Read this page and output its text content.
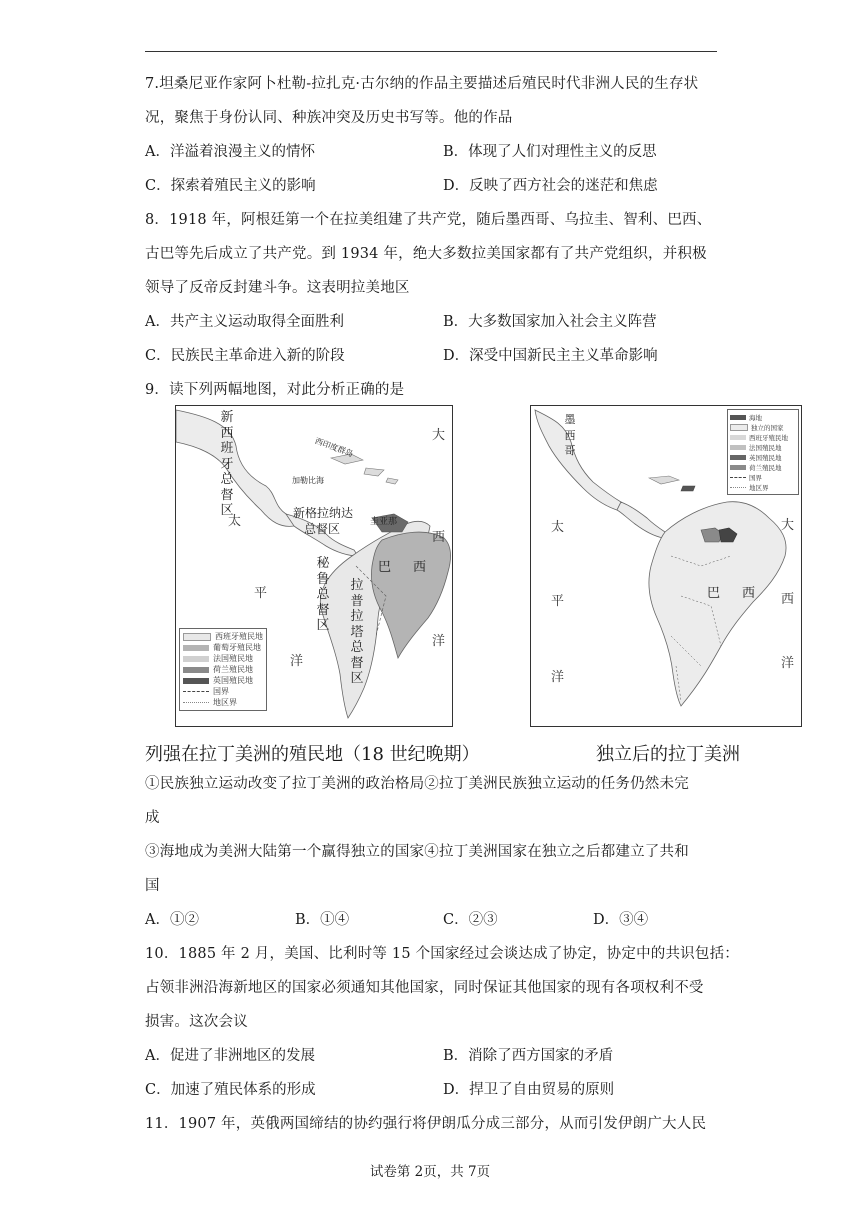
7.坦桑尼亚作家阿卜杜勒-拉扎克·古尔纳的作品主要描述后殖民时代非洲人民的生存状
况，聚焦于身份认同、种族冲突及历史书写等。他的作品
A．洋溢着浪漫主义的情怀	B．体现了人们对理性主义的反思
C．探索着殖民主义的影响	D．反映了西方社会的迷茫和焦虑
8．1918 年，阿根廷第一个在拉美组建了共产党，随后墨西哥、乌拉圭、智利、巴西、
古巴等先后成立了共产党。到 1934 年，绝大多数拉美国家都有了共产党组织，并积极
领导了反帝反封建斗争。这表明拉美地区
A．共产主义运动取得全面胜利	B．大多数国家加入社会主义阵营
C．民族民主革命进入新的阶段	D．深受中国新民主主义革命影响
9．读下列两幅地图，对此分析正确的是
新西班牙总督区
西印度群岛
加勒比海
新格拉纳达
总督区	圭亚那
秘鲁总督区
拉普拉塔总督区
巴西
太
平
洋
大
西
洋
西班牙殖民地
葡萄牙殖民地
法国殖民地
荷兰殖民地
英国殖民地
国界
地区界
海地
独立的国家
西班牙殖民地
法国殖民地
英国殖民地
荷兰殖民地
国界
地区界
墨西哥
巴西
太
平
洋
大
西
洋
列强在拉丁美洲的殖民地（18 世纪晚期）	独立后的拉丁美洲
①民族独立运动改变了拉丁美洲的政治格局②拉丁美洲民族独立运动的任务仍然未完
成
③海地成为美洲大陆第一个赢得独立的国家④拉丁美洲国家在独立之后都建立了共和
国
A．①②	B．①④	C．②③	D．③④
10．1885 年 2 月，美国、比利时等 15 个国家经过会谈达成了协定，协定中的共识包括：
占领非洲沿海新地区的国家必须通知其他国家，同时保证其他国家的现有各项权利不受
损害。这次会议
A．促进了非洲地区的发展	B．消除了西方国家的矛盾
C．加速了殖民体系的形成	D．捍卫了自由贸易的原则
11．1907 年，英俄两国缔结的协约强行将伊朗瓜分成三部分，从而引发伊朗广大人民
试卷第 2页，共 7页
